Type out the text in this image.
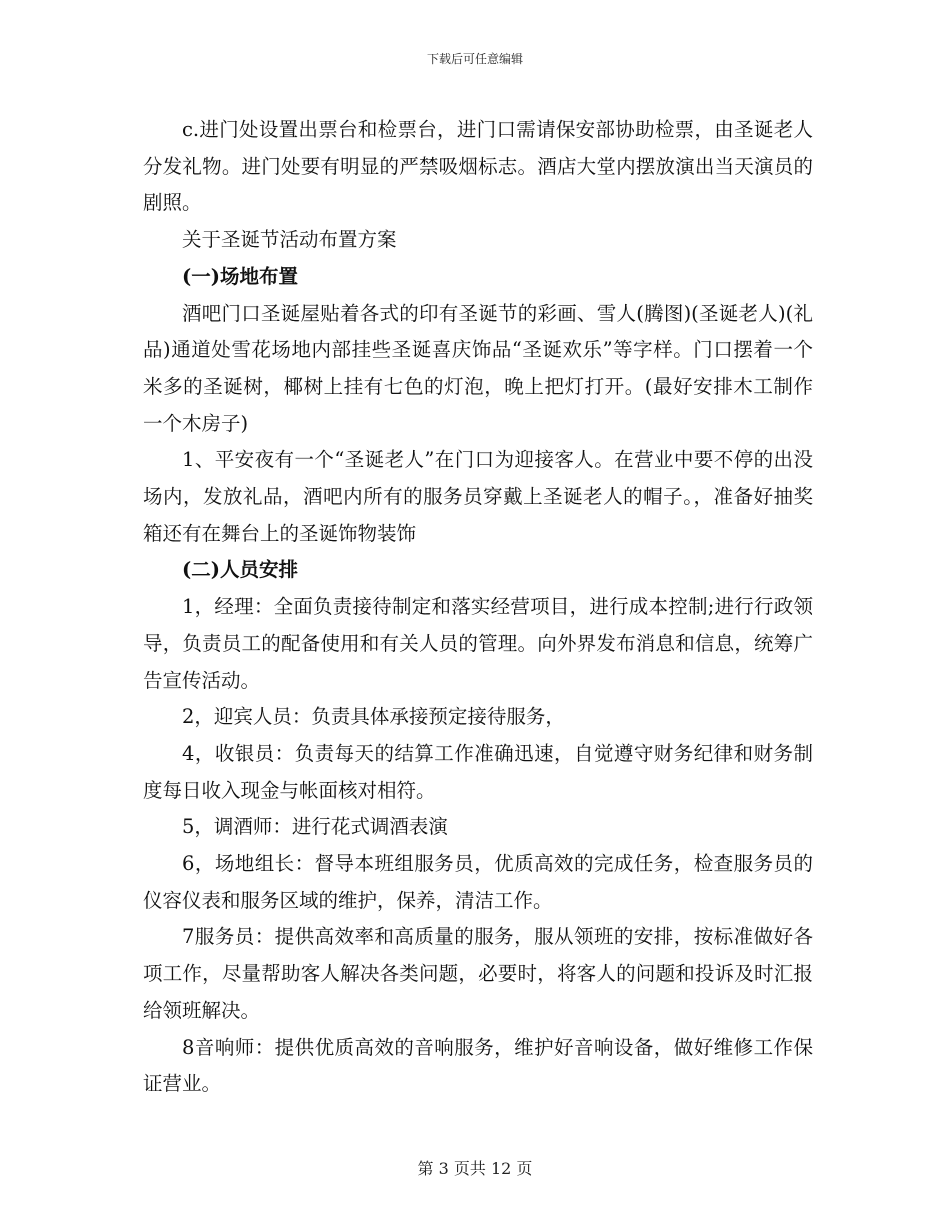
下载后可任意编辑

c.进门处设置出票台和检票台，进门口需请保安部协助检票，由圣诞老人分发礼物。进门处要有明显的严禁吸烟标志。酒店大堂内摆放演出当天演员的剧照。

关于圣诞节活动布置方案

(一)场地布置

酒吧门口圣诞屋贴着各式的印有圣诞节的彩画、雪人(腾图)(圣诞老人)(礼品)通道处雪花场地内部挂些圣诞喜庆饰品“圣诞欢乐”等字样。门口摆着一个米多的圣诞树，椰树上挂有七色的灯泡，晚上把灯打开。(最好安排木工制作一个木房子)

1、平安夜有一个“圣诞老人”在门口为迎接客人。在营业中要不停的出没场内，发放礼品，酒吧内所有的服务员穿戴上圣诞老人的帽子。，准备好抽奖箱还有在舞台上的圣诞饰物装饰

(二)人员安排

1，经理：全面负责接待制定和落实经营项目，进行成本控制;进行行政领导，负责员工的配备使用和有关人员的管理。向外界发布消息和信息，统筹广告宣传活动。

2，迎宾人员：负责具体承接预定接待服务，

4，收银员：负责每天的结算工作准确迅速，自觉遵守财务纪律和财务制度每日收入现金与帐面核对相符。

5，调酒师：进行花式调酒表演

6，场地组长：督导本班组服务员，优质高效的完成任务，检查服务员的仪容仪表和服务区域的维护，保养，清洁工作。

7服务员：提供高效率和高质量的服务，服从领班的安排，按标准做好各项工作，尽量帮助客人解决各类问题，必要时，将客人的问题和投诉及时汇报给领班解决。

8音响师：提供优质高效的音响服务，维护好音响设备，做好维修工作保证营业。

第 3 页共 12 页
